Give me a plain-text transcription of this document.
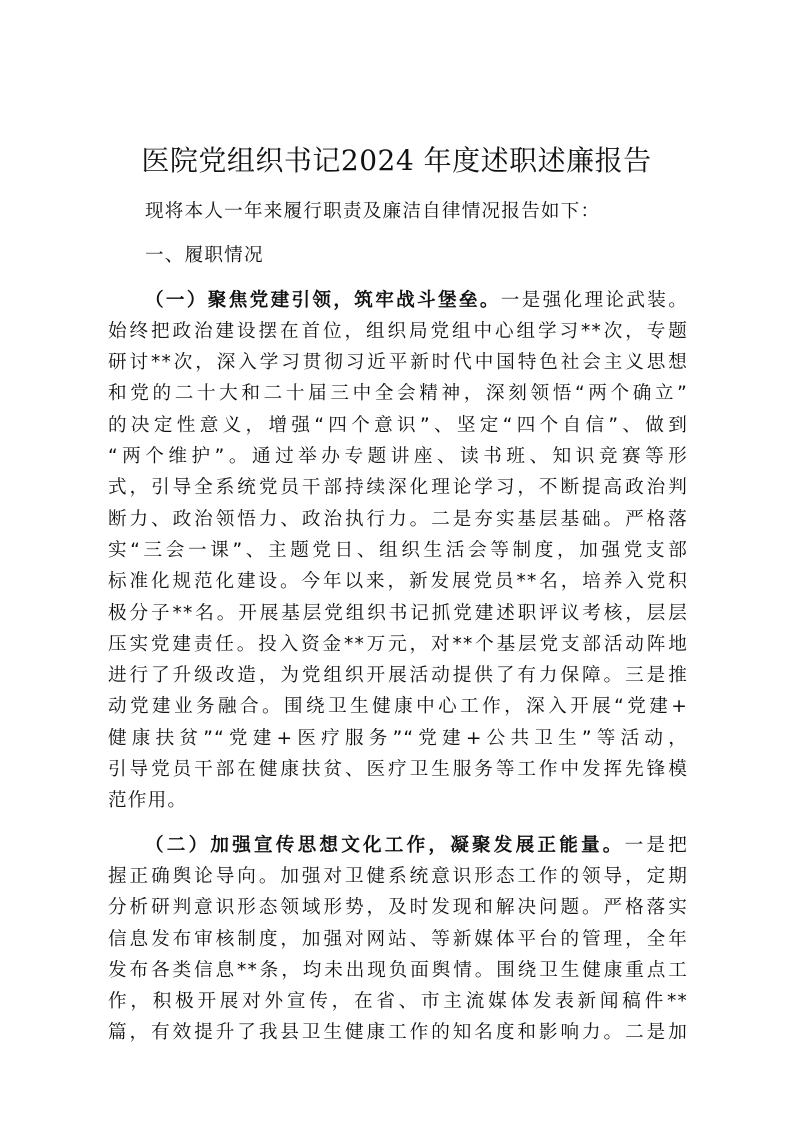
医院党组织书记2024 年度述职述廉报告

现将本人一年来履行职责及廉洁自律情况报告如下：

一、履职情况

（一）聚焦党建引领，筑牢战斗堡垒。一是强化理论武装。
始终把政治建设摆在首位，组织局党组中心组学习**次，专题
研讨**次，深入学习贯彻习近平新时代中国特色社会主义思想
和党的二十大和二十届三中全会精神，深刻领悟“两个确立”
的决定性意义，增强“四个意识”、坚定“四个自信”、做到
“两个维护”。通过举办专题讲座、读书班、知识竞赛等形
式，引导全系统党员干部持续深化理论学习，不断提高政治判
断力、政治领悟力、政治执行力。二是夯实基层基础。严格落
实“三会一课”、主题党日、组织生活会等制度，加强党支部
标准化规范化建设。今年以来，新发展党员**名，培养入党积
极分子**名。开展基层党组织书记抓党建述职评议考核，层层
压实党建责任。投入资金**万元，对**个基层党支部活动阵地
进行了升级改造，为党组织开展活动提供了有力保障。三是推
动党建业务融合。围绕卫生健康中心工作，深入开展“党建+
健康扶贫”“党建+医疗服务”“党建+公共卫生”等活动，
引导党员干部在健康扶贫、医疗卫生服务等工作中发挥先锋模
范作用。
（二）加强宣传思想文化工作，凝聚发展正能量。一是把
握正确舆论导向。加强对卫健系统意识形态工作的领导，定期
分析研判意识形态领域形势，及时发现和解决问题。严格落实
信息发布审核制度，加强对网站、等新媒体平台的管理，全年
发布各类信息**条，均未出现负面舆情。围绕卫生健康重点工
作，积极开展对外宣传，在省、市主流媒体发表新闻稿件**
篇，有效提升了我县卫生健康工作的知名度和影响力。二是加
